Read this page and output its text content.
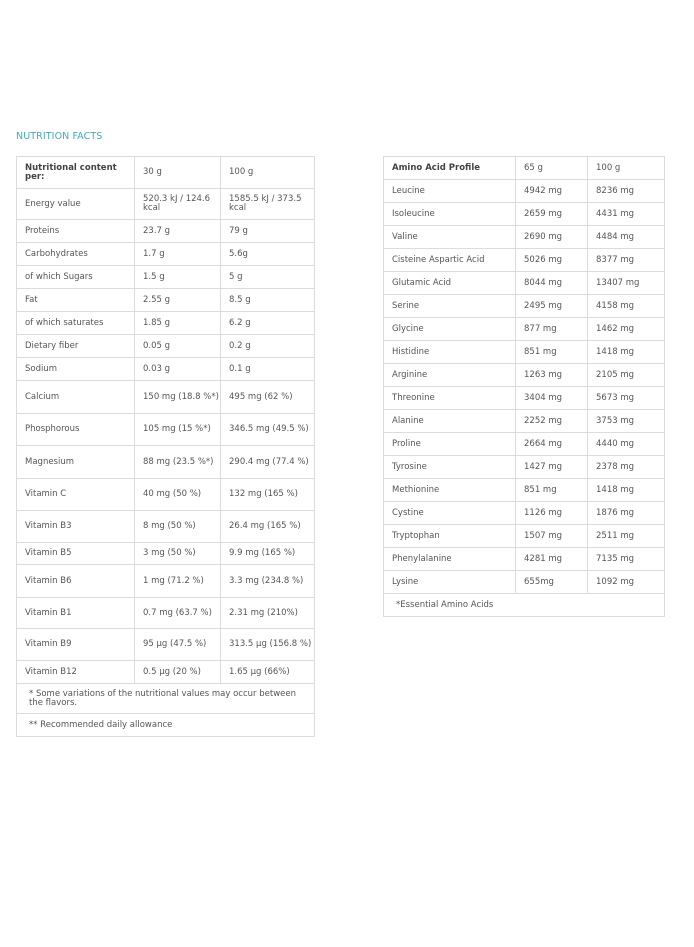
NUTRITION FACTS
Nutritional content per:	30 g	100 g
Energy value	520.3 kJ / 124.6 kcal	1585.5 kJ / 373.5 kcal
Proteins	23.7 g	79 g
Carbohydrates	1.7 g	5.6g
of which Sugars	1.5 g	5 g
Fat	2.55 g	8.5 g
of which saturates	1.85 g	6.2 g
Dietary fiber	0.05 g	0.2 g
Sodium	0.03 g	0.1 g
Calcium	150 mg (18.8 %*)	495 mg (62 %)
Phosphorous	105 mg (15 %*)	346.5 mg (49.5 %)
Magnesium	88 mg (23.5 %*)	290.4 mg (77.4 %)
Vitamin C	40 mg (50 %)	132 mg (165 %)
Vitamin B3	8 mg (50 %)	26.4 mg (165 %)
Vitamin B5	3 mg (50 %)	9.9 mg (165 %)
Vitamin B6	1 mg (71.2 %)	3.3 mg (234.8 %)
Vitamin B1	0.7 mg (63.7 %)	2.31 mg (210%)
Vitamin B9	95 µg (47.5 %)	313.5 µg (156.8 %)
Vitamin B12	0.5 µg (20 %)	1.65 µg (66%)
* Some variations of the nutritional values may occur between the flavors.		
** Recommended daily allowance		
Amino Acid Profile	65 g	100 g
Leucine	4942 mg	8236 mg
Isoleucine	2659 mg	4431 mg
Valine	2690 mg	4484 mg
Cisteine Aspartic Acid	5026 mg	8377 mg
Glutamic Acid	8044 mg	13407 mg
Serine	2495 mg	4158 mg
Glycine	877 mg	1462 mg
Histidine	851 mg	1418 mg
Arginine	1263 mg	2105 mg
Threonine	3404 mg	5673 mg
Alanine	2252 mg	3753 mg
Proline	2664 mg	4440 mg
Tyrosine	1427 mg	2378 mg
Methionine	851 mg	1418 mg
Cystine	1126 mg	1876 mg
Tryptophan	1507 mg	2511 mg
Phenylalanine	4281 mg	7135 mg
Lysine	655mg	1092 mg
*Essential Amino Acids		
